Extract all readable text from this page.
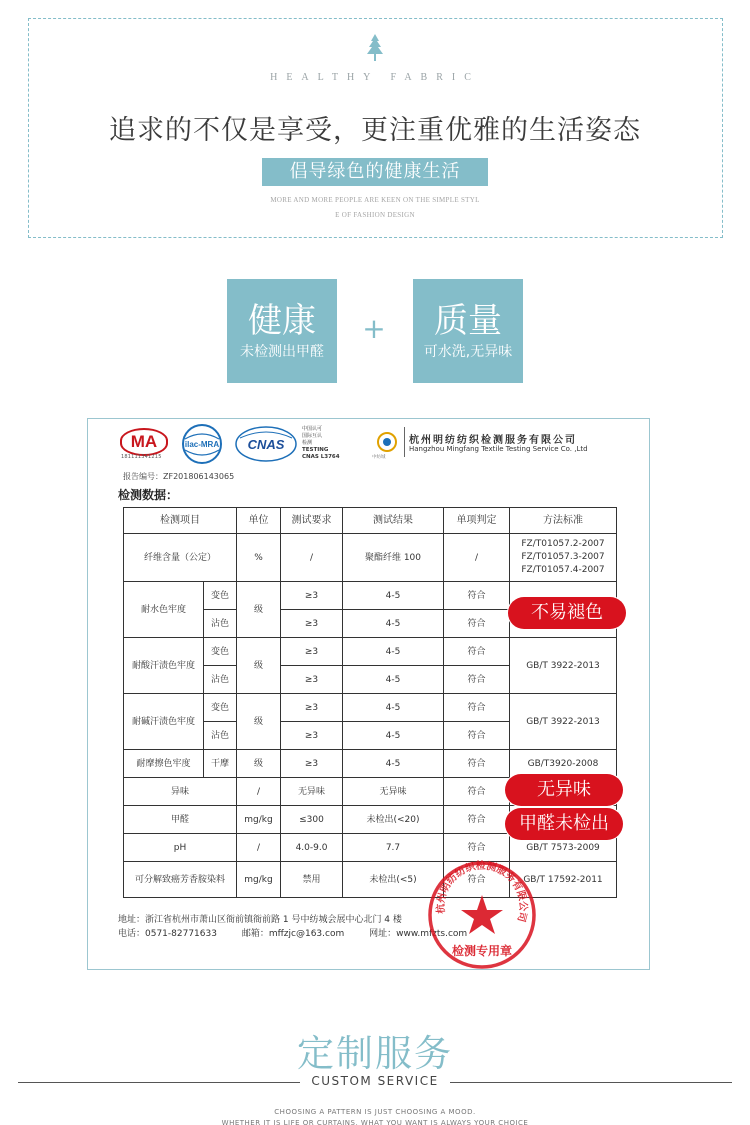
HEALTHY FABRIC
追求的不仅是享受，更注重优雅的生活姿态
倡导绿色的健康生活
MORE AND MORE PEOPLE ARE KEEN ON THE SIMPLE STYL
E OF FASHION DESIGN
健康
未检测出甲醛
+	质量
可水洗,无异味
MA
181111341215
ilac-MRA CNAS
中国认可
国际互认
检测
TESTING
CNAS L3764	中纺城
杭州明纺纺织检测服务有限公司
Hangzhou Mingfang Textile Testing Service Co. ,Ltd
报告编号：ZF201806143065
检测数据：
检测项目		单位	测试要求	测试结果	单项判定	方法标准
纤维含量（公定）		%	/	聚酯纤维 100	/	FZ/T01057.2-2007
FZ/T01057.3-2007
FZ/T01057.4-2007

耐水色牢度	变色	级	≥3	4-5	符合	
	沾色		≥3	4-5	符合	
耐酸汗渍色牢度	变色	级	≥3	4-5	符合	GB/T 3922-2013
	沾色		≥3	4-5	符合	
耐碱汗渍色牢度	变色	级	≥3	4-5	符合	GB/T 3922-2013
	沾色		≥3	4-5	符合	
耐摩擦色牢度	干摩	级	≥3	4-5	符合	GB/T3920-2008
异味		/	无异味	无异味	符合	
甲醛		mg/kg	≤300	未检出(<20)	符合	
pH		/	4.0-9.0	7.7	符合	GB/T 7573-2009
可分解致癌芳香胺染料		mg/kg	禁用	未检出(<5)	符合	GB/T 17592-2011
地址：浙江省杭州市萧山区衙前镇衙前路 1 号中纺城会展中心北门 4 楼
电话：0571-82771633	邮箱：mffzjc@163.com	网址：www.mfzts.com
杭州明纺纺织检测服务有限公司
检测专用章
不易褪色
无异味
甲醛未检出
定制服务
CUSTOM SERVICE
CHOOSING A PATTERN IS JUST CHOOSING A MOOD.
WHETHER IT IS LIFE OR CURTAINS, WHAT YOU WANT IS ALWAYS YOUR CHOICE
